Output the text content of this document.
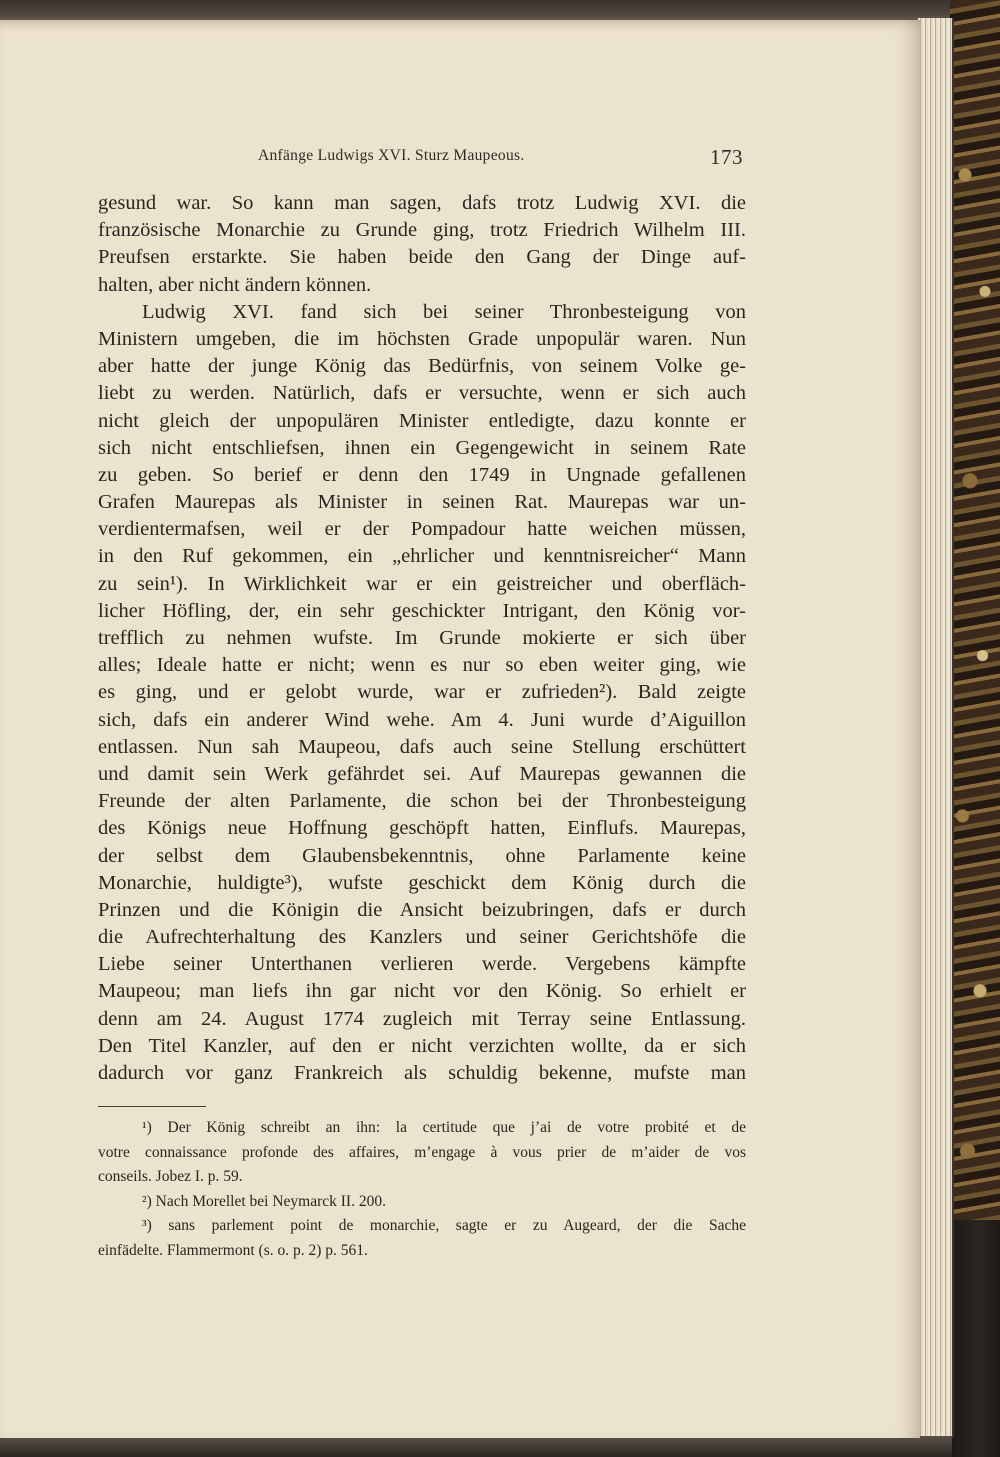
Anfänge Ludwigs XVI. Sturz Maupeous.	173
gesund war. So kann man sagen, dafs trotz Ludwig XVI. die
französische Monarchie zu Grunde ging, trotz Friedrich Wilhelm III.
Preufsen erstarkte. Sie haben beide den Gang der Dinge auf-
halten, aber nicht ändern können.
Ludwig XVI. fand sich bei seiner Thronbesteigung von
Ministern umgeben, die im höchsten Grade unpopulär waren. Nun
aber hatte der junge König das Bedürfnis, von seinem Volke ge-
liebt zu werden. Natürlich, dafs er versuchte, wenn er sich auch
nicht gleich der unpopulären Minister entledigte, dazu konnte er
sich nicht entschliefsen, ihnen ein Gegengewicht in seinem Rate
zu geben. So berief er denn den 1749 in Ungnade gefallenen
Grafen Maurepas als Minister in seinen Rat. Maurepas war un-
verdientermafsen, weil er der Pompadour hatte weichen müssen,
in den Ruf gekommen, ein „ehrlicher und kenntnisreicher“ Mann
zu sein¹). In Wirklichkeit war er ein geistreicher und oberfläch-
licher Höfling, der, ein sehr geschickter Intrigant, den König vor-
trefflich zu nehmen wufste. Im Grunde mokierte er sich über
alles; Ideale hatte er nicht; wenn es nur so eben weiter ging, wie
es ging, und er gelobt wurde, war er zufrieden²). Bald zeigte
sich, dafs ein anderer Wind wehe. Am 4. Juni wurde d’Aiguillon
entlassen. Nun sah Maupeou, dafs auch seine Stellung erschüttert
und damit sein Werk gefährdet sei. Auf Maurepas gewannen die
Freunde der alten Parlamente, die schon bei der Thronbesteigung
des Königs neue Hoffnung geschöpft hatten, Einflufs. Maurepas,
der selbst dem Glaubensbekenntnis, ohne Parlamente keine
Monarchie, huldigte³), wufste geschickt dem König durch die
Prinzen und die Königin die Ansicht beizubringen, dafs er durch
die Aufrechterhaltung des Kanzlers und seiner Gerichtshöfe die
Liebe seiner Unterthanen verlieren werde. Vergebens kämpfte
Maupeou; man liefs ihn gar nicht vor den König. So erhielt er
denn am 24. August 1774 zugleich mit Terray seine Entlassung.
Den Titel Kanzler, auf den er nicht verzichten wollte, da er sich
dadurch vor ganz Frankreich als schuldig bekenne, mufste man
¹) Der König schreibt an ihn: la certitude que j’ai de votre probité et de
votre connaissance profonde des affaires, m’engage à vous prier de m’aider de vos
conseils. Jobez I. p. 59.
²) Nach Morellet bei Neymarck II. 200.
³) sans parlement point de monarchie, sagte er zu Augeard, der die Sache
einfädelte. Flammermont (s. o. p. 2) p. 561.
